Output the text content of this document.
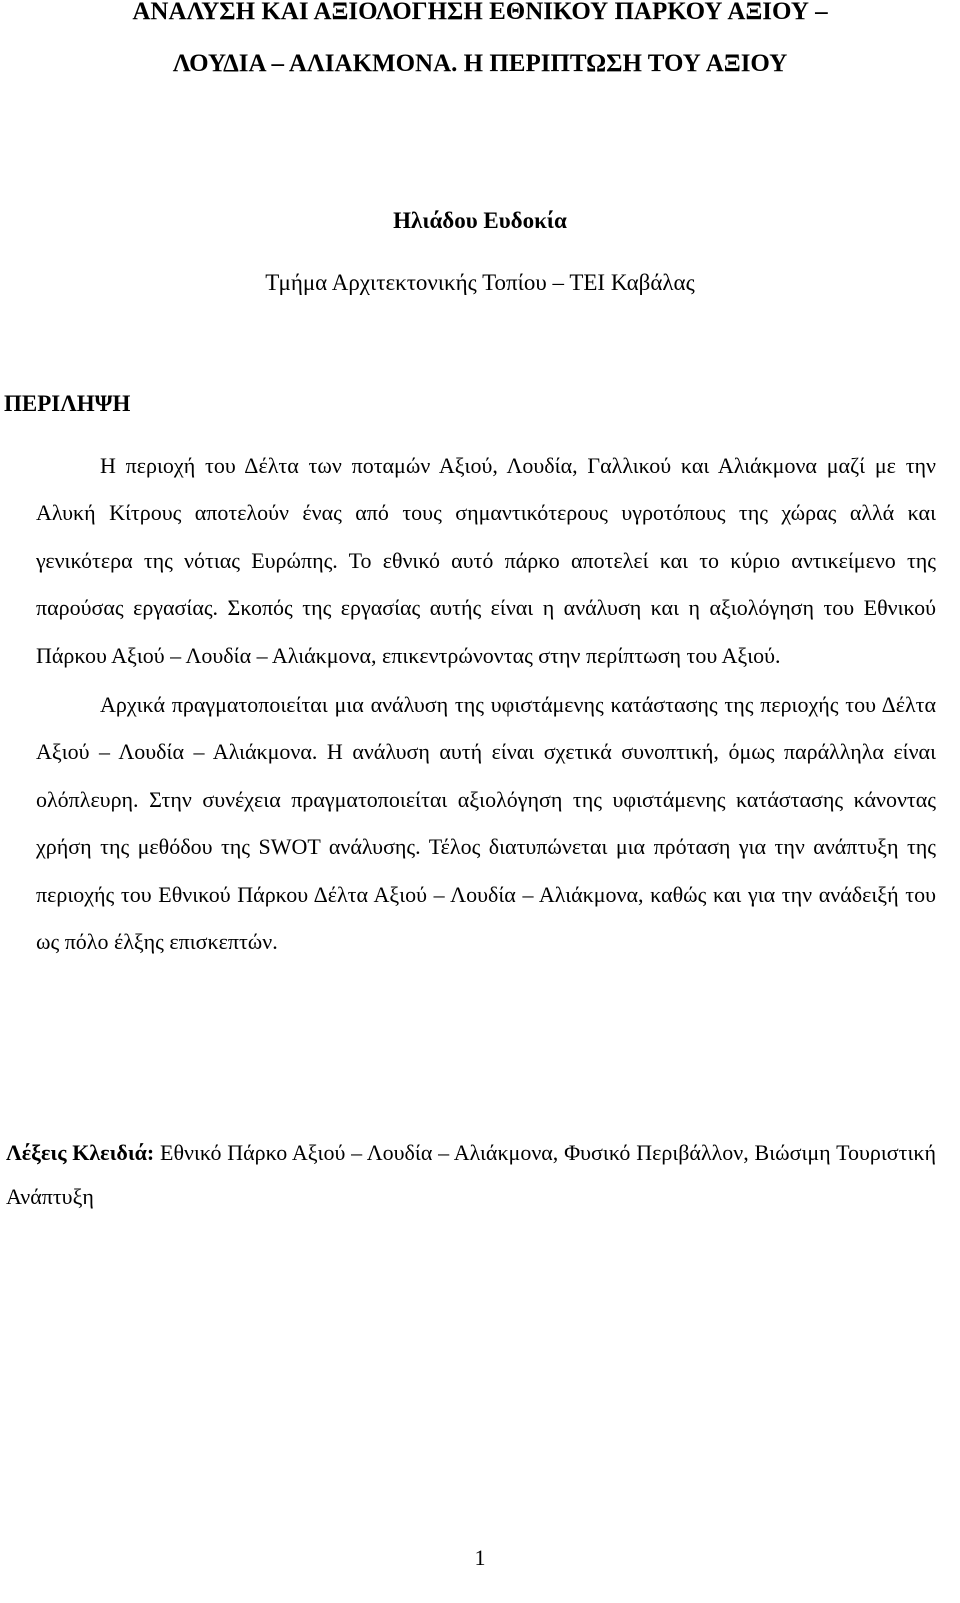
ΑΝΑΛΥΣΗ ΚΑΙ ΑΞΙΟΛΟΓΗΣΗ ΕΘΝΙΚΟΥ ΠΑΡΚΟΥ ΑΞΙΟΥ –
ΛΟΥΔΙΑ – ΑΛΙΑΚΜΟΝΑ. Η ΠΕΡΙΠΤΩΣΗ ΤΟΥ ΑΞΙΟΥ

Ηλιάδου Ευδοκία

Τμήμα Αρχιτεκτονικής Τοπίου – ΤΕΙ Καβάλας

ΠΕΡΙΛΗΨΗ

Η περιοχή του Δέλτα των ποταμών Αξιού, Λουδία, Γαλλικού και Αλιάκμονα μαζί με την Αλυκή Κίτρους αποτελούν ένας από τους σημαντικότερους υγροτόπους της χώρας αλλά και γενικότερα της νότιας Ευρώπης. Το εθνικό αυτό πάρκο αποτελεί και το κύριο αντικείμενο της παρούσας εργασίας. Σκοπός της εργασίας αυτής είναι η ανάλυση και η αξιολόγηση του Εθνικού Πάρκου Αξιού – Λουδία – Αλιάκμονα, επικεντρώνοντας στην περίπτωση του Αξιού.

Αρχικά πραγματοποιείται μια ανάλυση της υφιστάμενης κατάστασης της περιοχής του Δέλτα Αξιού – Λουδία – Αλιάκμονα. Η ανάλυση αυτή είναι σχετικά συνοπτική, όμως παράλληλα είναι ολόπλευρη. Στην συνέχεια πραγματοποιείται αξιολόγηση της υφιστάμενης κατάστασης κάνοντας χρήση της μεθόδου της SWOT ανάλυσης. Τέλος διατυπώνεται μια πρόταση για την ανάπτυξη της περιοχής του Εθνικού Πάρκου Δέλτα Αξιού – Λουδία – Αλιάκμονα, καθώς και για την ανάδειξή του ως πόλο έλξης επισκεπτών.

Λέξεις Κλειδιά: Εθνικό Πάρκο Αξιού – Λουδία – Αλιάκμονα, Φυσικό Περιβάλλον, Βιώσιμη Τουριστική Ανάπτυξη

1
